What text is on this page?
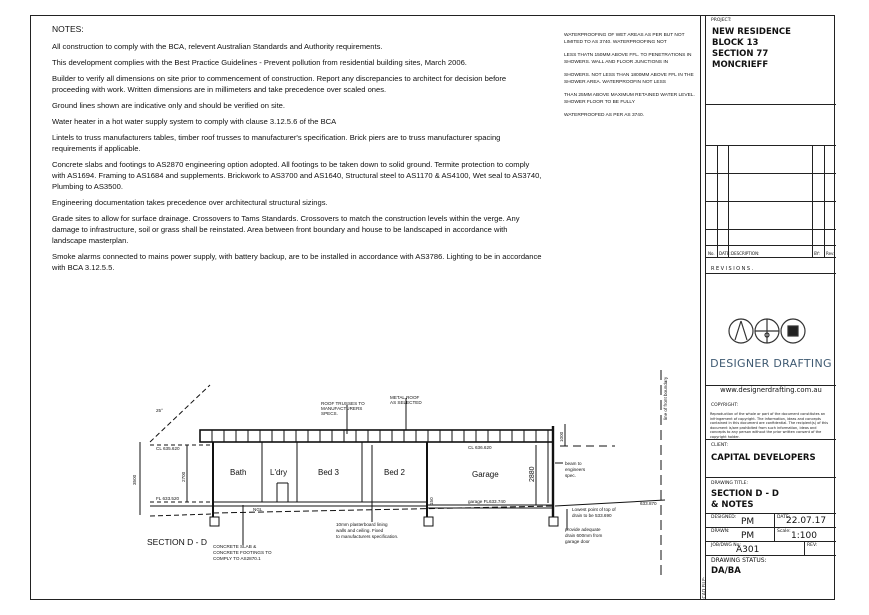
NOTES:

All construction to comply with the BCA, relevent Australian Standards and Authority requirements.

This development complies with the Best Practice Guidelines - Prevent pollution from residential building sites, March 2006.

Builder to verify all dimensions on site prior to commencement of construction. Report any discrepancies to architect for decision before proceeding with work. Written dimensions are in millimeters and take precedence over scaled ones.

Ground lines shown are indicative only and should be verified on site.

Water heater in a hot water supply system to comply with clause 3.12.5.6 of the BCA

Lintels to truss manufacturers tables, timber roof trusses to manufacturer's specification. Brick piers are to truss manufacturer spacing requirements if applicable.

Concrete slabs and footings to AS2870 engineering option adopted. All footings to be taken down to solid ground. Termite protection to comply with AS1694. Framing to AS1684 and supplements. Brickwork to AS3700 and AS1640, Structural steel to AS1170 & AS4100, Wet seal to AS3740, Plumbing to AS3500.

Engineering documentation takes precedence over architectural structural sizings.

Grade sites to allow for surface drainage. Crossovers to Tams Standards. Crossovers to match the construction levels within the verge. Any damage to infrastructure, soil or grass shall be reinstated. Area between front boundary and house to be landscaped in accordance with landscape masterplan.

Smoke alarms connected to mains power supply, with battery backup, are to be installed in accordance with AS3786. Lighting to be in accordance with BCA 3.12.5.5.

WATERPROOFING OF WET AREAS AS PER BUT NOT LIMITED TO AS 3740. WATERPROOFING NOT

LESS THATN 150MM ABOVE FFL. TO PENETRATIONS IN SHOWERS. WALL AND FLOOR JUNCTIONS IN

SHOWERS. NOT LESS THAN 1800MM ABOVE FFL IN THE SHOWER AREA. WATERPROOFIN NOT LESS

THAN 25MM ABOVE MAXIMUM RETAINED WATER LEVEL. SHOWER FLOOR TO BE FULLY

WATERPROOFED AS PER AS 3740.

Bath	L'dry	Bed 3	Bed 2	Garage
SECTION D - D
ROOF TRUSSES TO
MANUFACTURERS
SPECS.
METAL ROOF
AS SELECTED
CL 635.620
FL 633.520
CL 636.620
garage FL633.740
NGL
25°
633.870
3500	2700	2880
1000
150
line of front boundary
beam to
engineers
spec.
Lowest point of top of
drain to be 533.690
provide adequate
drain 600mm from
garage door
10mm plasterboard lining
walls and ceiling. Fixed
to manufacturers specification.
CONCRETE SLAB &
CONCRETE FOOTINGS TO
COMPLY TO AS2870.1
PROJECT:
NEW RESIDENCE
BLOCK 13
SECTION 77
MONCRIEFF
No. DATE: DESCRIPTION:	BY: Rev:
REVISIONS.
DESIGNER DRAFTING
www.designerdrafting.com.au
COPYRIGHT:
Reproduction of the whole or part of the document constitutes an infringement of copyright. The information, ideas and concepts contained in this document are confidential. The recipient(s) of this document is/are prohibited from such information, ideas and concepts to any person without the prior written consent of the copyright holder.
CLIENT:
CAPITAL DEVELOPERS
DRAWING TITLE:
SECTION D - D
& NOTES
DESIGNED: PM	DATE:
22.07.17
DRAWN: PM	Scale: 1:100
JOB/DWG No:
A301	REV:
DRAWING STATUS:
DA/BA
CAD FILE:
